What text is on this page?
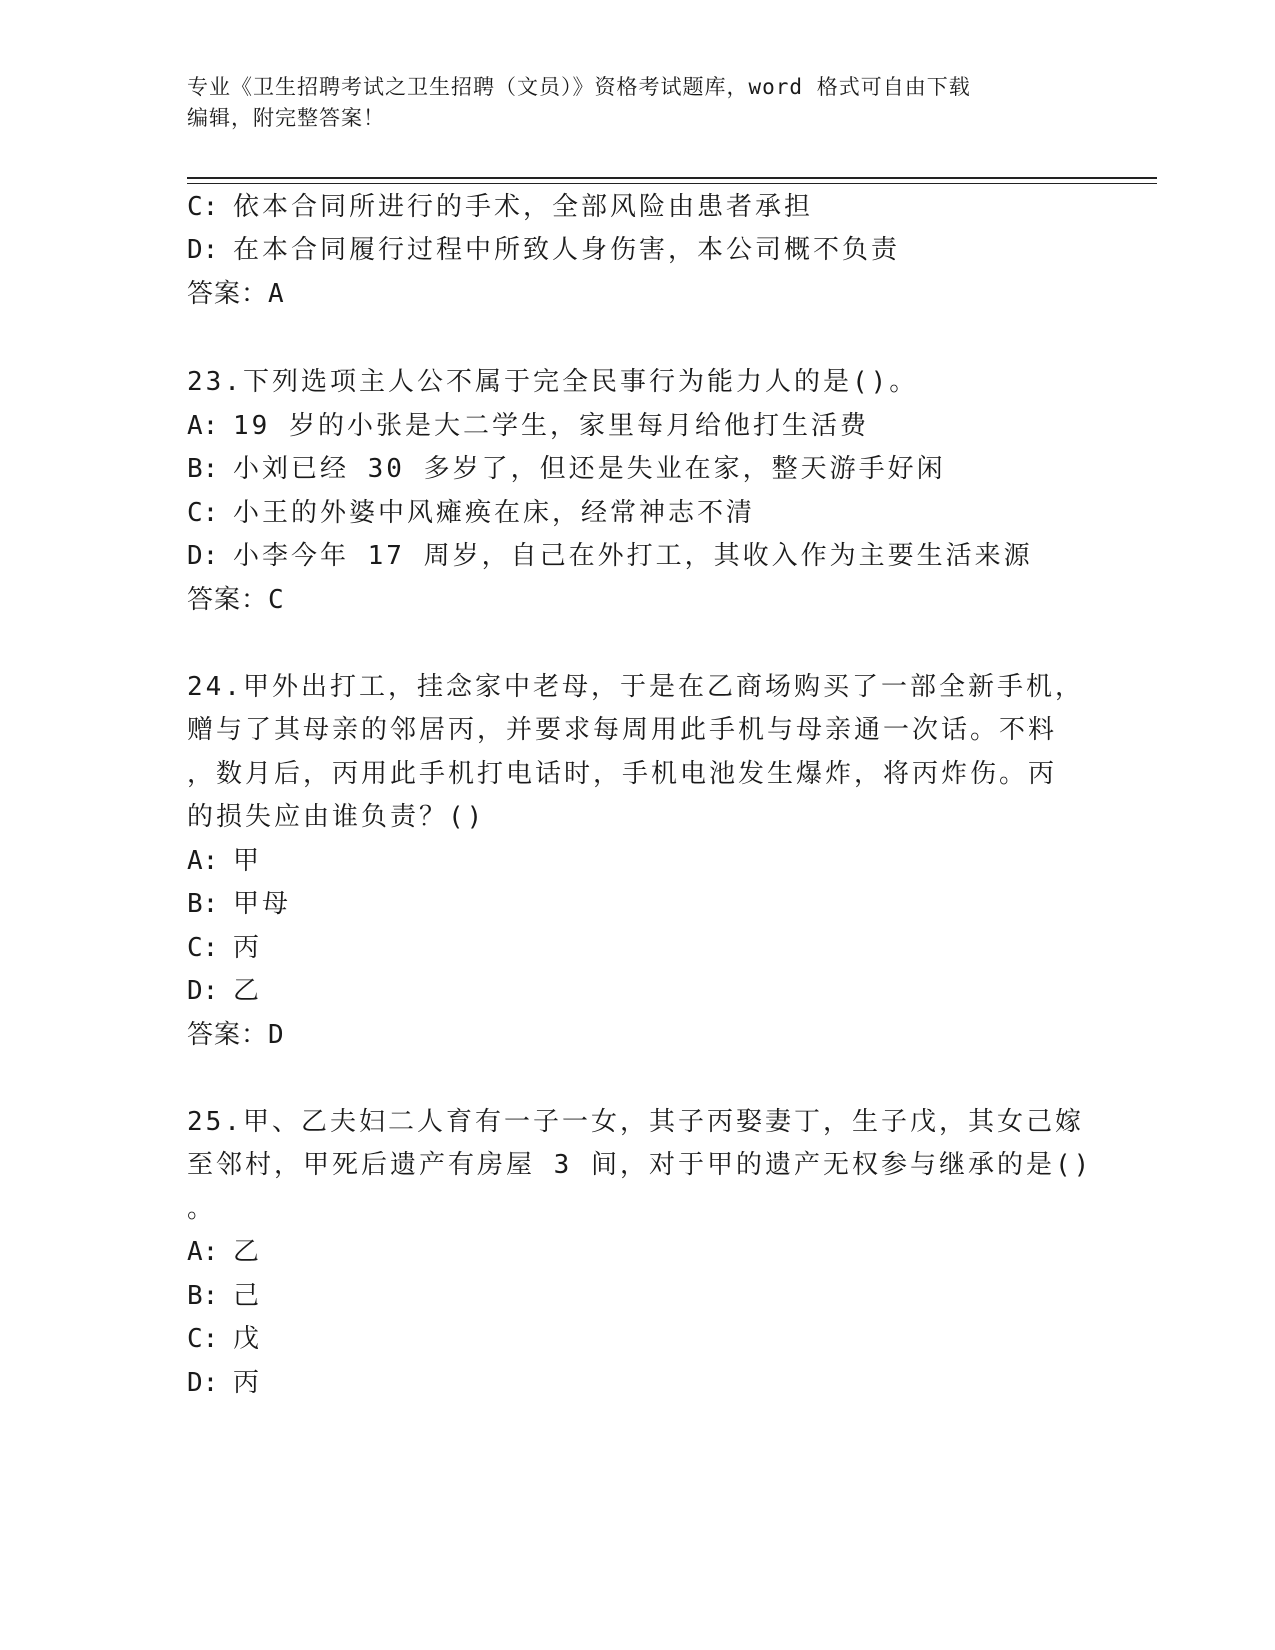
专业《卫生招聘考试之卫生招聘（文员）》资格考试题库，word 格式可自由下载
编辑，附完整答案！
C: 依本合同所进行的手术，全部风险由患者承担
D: 在本合同履行过程中所致人身伤害，本公司概不负责
答案：A
23.下列选项主人公不属于完全民事行为能力人的是()。
A: 19 岁的小张是大二学生，家里每月给他打生活费
B: 小刘已经 30 多岁了，但还是失业在家，整天游手好闲
C: 小王的外婆中风瘫痪在床，经常神志不清
D: 小李今年 17 周岁，自己在外打工，其收入作为主要生活来源
答案：C
24.甲外出打工，挂念家中老母，于是在乙商场购买了一部全新手机，
赠与了其母亲的邻居丙，并要求每周用此手机与母亲通一次话。不料
，数月后，丙用此手机打电话时，手机电池发生爆炸，将丙炸伤。丙
的损失应由谁负责？()
A: 甲
B: 甲母
C: 丙
D: 乙
答案：D
25.甲、乙夫妇二人育有一子一女，其子丙娶妻丁，生子戊，其女己嫁
至邻村，甲死后遗产有房屋 3 间，对于甲的遗产无权参与继承的是()
。
A: 乙
B: 己
C: 戊
D: 丙
